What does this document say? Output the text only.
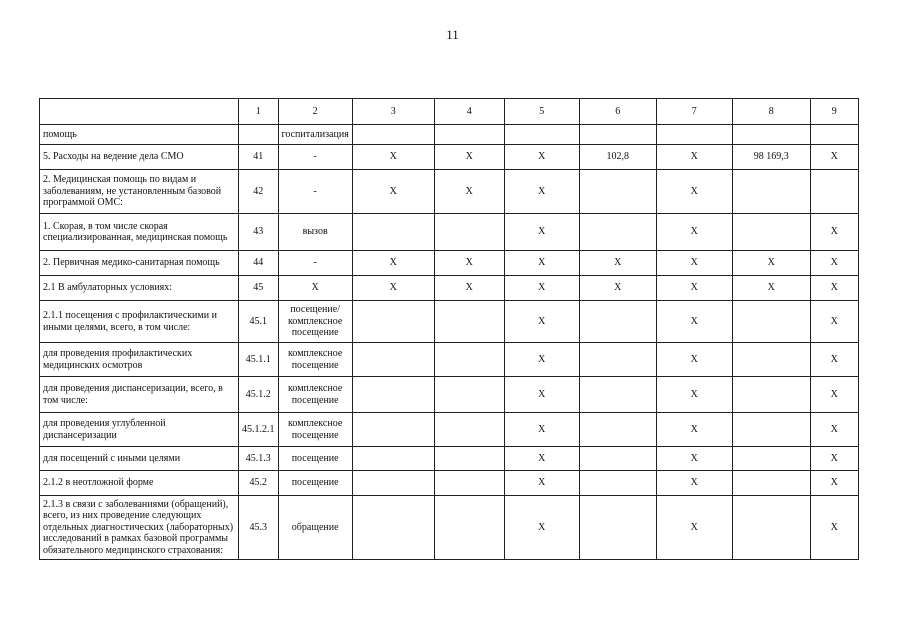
11
	1	2	3	4	5	6	7	8	9
помощь		госпитализация							
5. Расходы на ведение дела СМО	41	-	X	X	X	102,8	X	98 169,3	X
2. Медицинская помощь по видам и заболеваниям, не установленным базовой программой ОМС:	42	-	X	X	X		X		
1. Скорая, в том числе скорая специализированная, медицинская помощь	43	вызов			X		X		X
2. Первичная медико-санитарная помощь	44	-	X	X	X	X	X	X	X
2.1 В амбулаторных условиях:	45	X	X	X	X	X	X	X	X
2.1.1 посещения с профилактическими и иными целями, всего, в том числе:	45.1	посещение/ комплексное посещение			X		X		X
для проведения профилактических медицинских осмотров	45.1.1	комплексное посещение			X		X		X
для проведения диспансеризации, всего, в том числе:	45.1.2	комплексное посещение			X		X		X
для проведения углубленной диспансеризации	45.1.2.1	комплексное посещение			X		X		X
для посещений с иными целями	45.1.3	посещение			X		X		X
2.1.2 в неотложной форме	45.2	посещение			X		X		X
2.1.3 в связи с заболеваниями (обращений), всего, из них проведение следующих отдельных диагностических (лабораторных) исследований в рамках базовой программы обязательного медицинского страхования:	45.3	обращение			X		X		X
